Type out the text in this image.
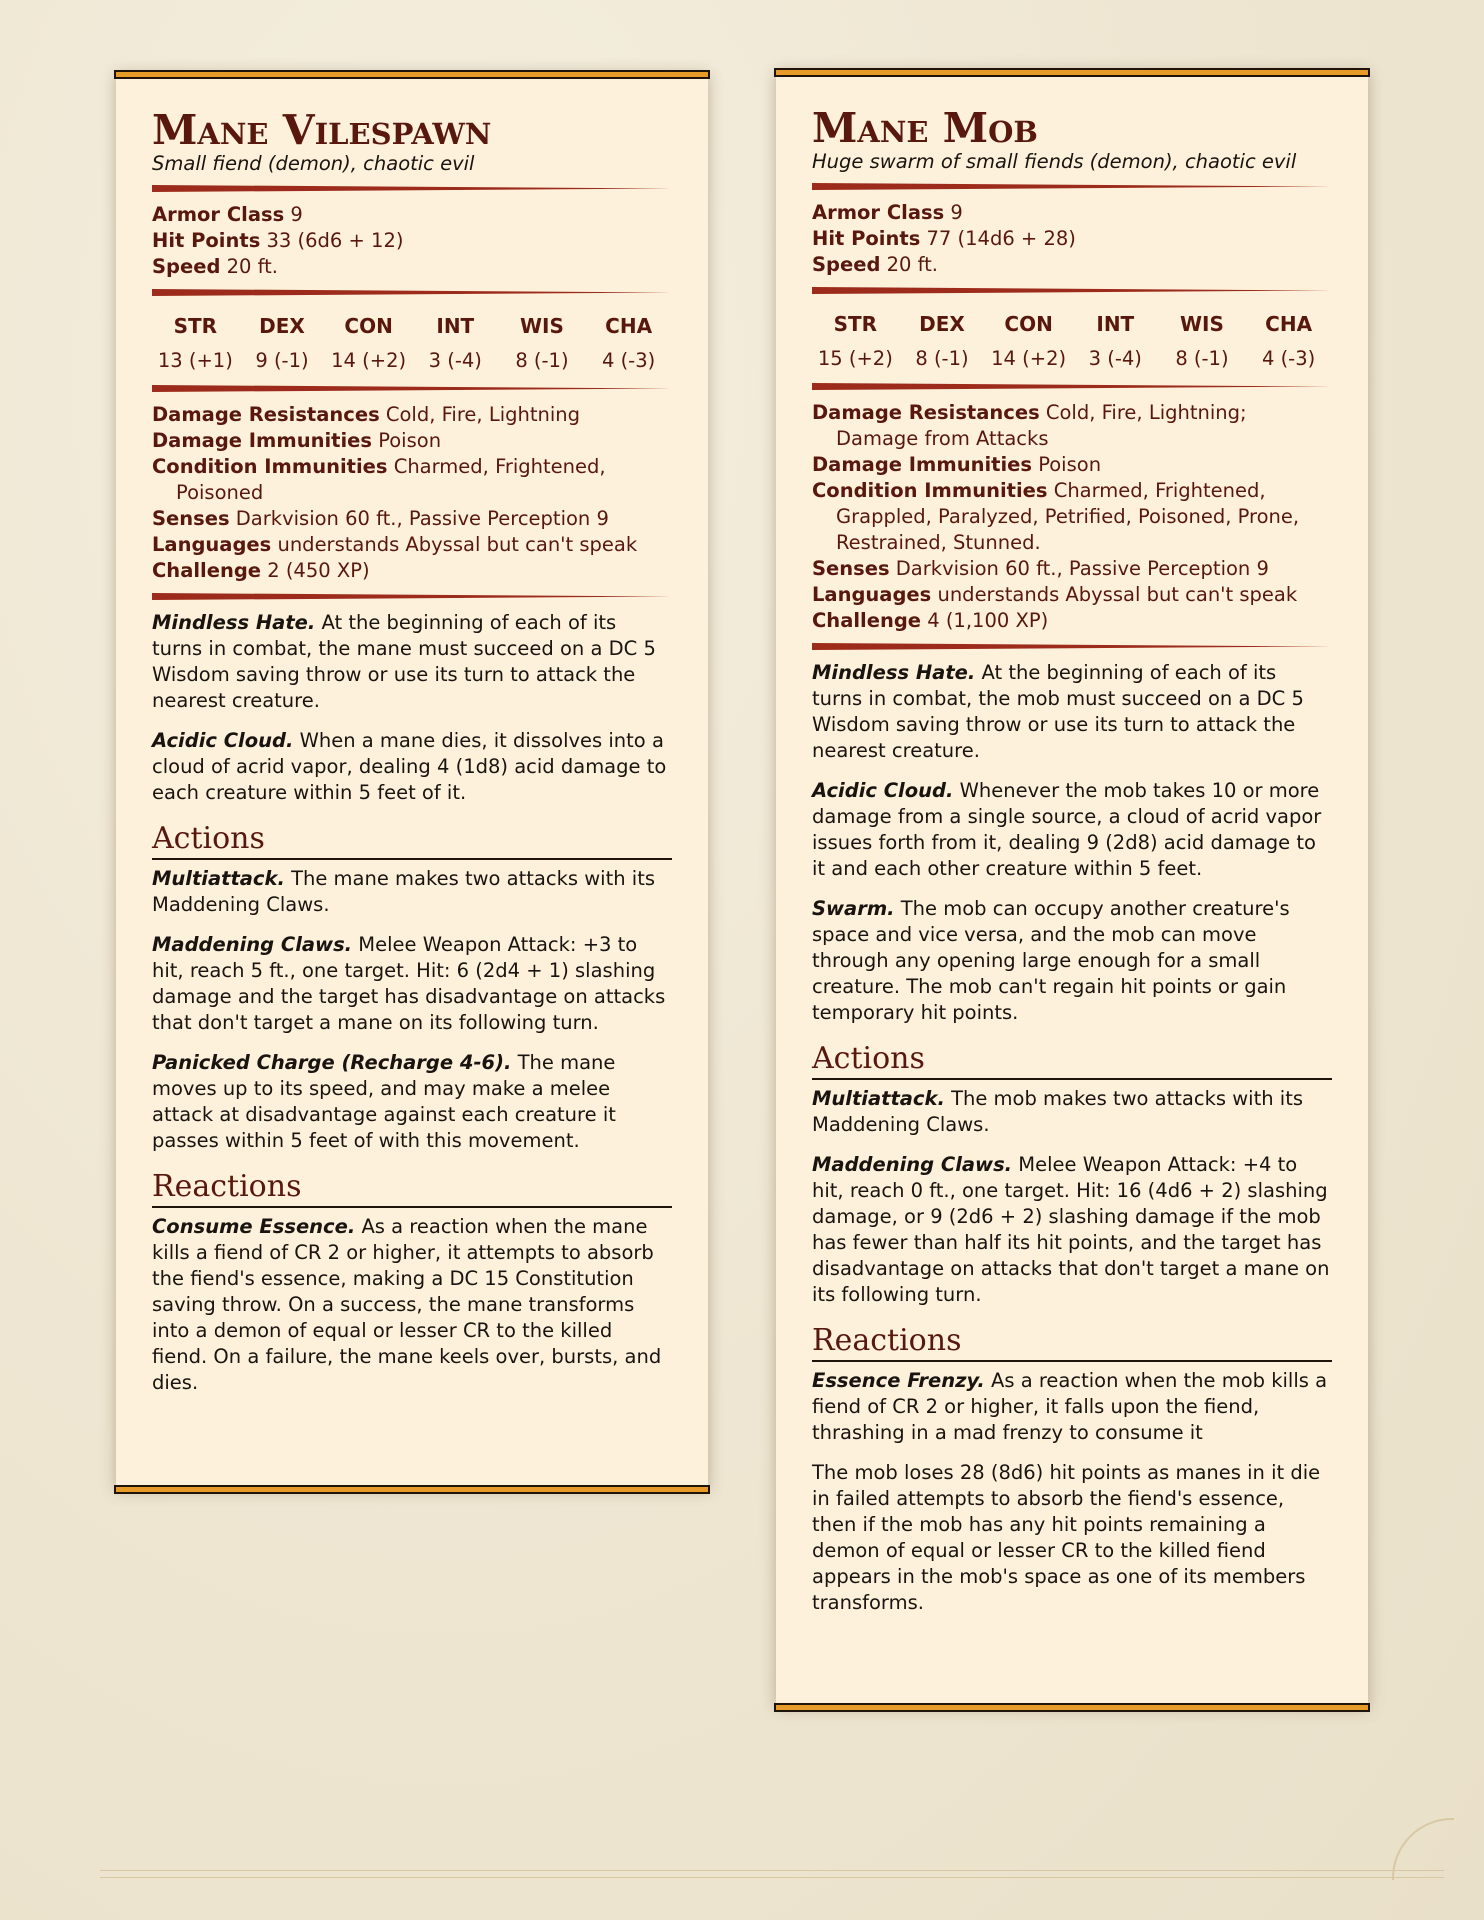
Mane Vilespawn
Small fiend (demon), chaotic evil
Armor Class 9
Hit Points 33 (6d6 + 12)
Speed 20 ft.
STR
13 (+1)
DEX
9 (-1)
CON
14 (+2)
INT
3 (-4)
WIS
8 (-1)
CHA
4 (-3)
Damage Resistances Cold, Fire, Lightning
Damage Immunities Poison
Condition Immunities Charmed, Frightened, Poisoned
Senses Darkvision 60 ft., Passive Perception 9
Languages understands Abyssal but can't speak
Challenge 2 (450 XP)

Mindless Hate. At the beginning of each of its turns in combat, the mane must succeed on a DC 5 Wisdom saving throw or use its turn to attack the nearest creature.

Acidic Cloud. When a mane dies, it dissolves into a cloud of acrid vapor, dealing 4 (1d8) acid damage to each creature within 5 feet of it.

Actions

Multiattack. The mane makes two attacks with its Maddening Claws.

Maddening Claws. Melee Weapon Attack: +3 to hit, reach 5 ft., one target. Hit: 6 (2d4 + 1) slashing damage and the target has disadvantage on attacks that don't target a mane on its following turn.

Panicked Charge (Recharge 4-6). The mane moves up to its speed, and may make a melee attack at disadvantage against each creature it passes within 5 feet of with this movement.

Reactions

Consume Essence. As a reaction when the mane kills a fiend of CR 2 or higher, it attempts to absorb the fiend's essence, making a DC 15 Constitution saving throw. On a success, the mane transforms into a demon of equal or lesser CR to the killed fiend. On a failure, the mane keels over, bursts, and dies.

Mane Mob
Huge swarm of small fiends (demon), chaotic evil
Armor Class 9
Hit Points 77 (14d6 + 28)
Speed 20 ft.
STR
15 (+2)
DEX
8 (-1)
CON
14 (+2)
INT
3 (-4)
WIS
8 (-1)
CHA
4 (-3)
Damage Resistances Cold, Fire, Lightning; Damage from Attacks
Damage Immunities Poison
Condition Immunities Charmed, Frightened, Grappled, Paralyzed, Petrified, Poisoned, Prone, Restrained, Stunned.
Senses Darkvision 60 ft., Passive Perception 9
Languages understands Abyssal but can't speak
Challenge 4 (1,100 XP)

Mindless Hate. At the beginning of each of its turns in combat, the mob must succeed on a DC 5 Wisdom saving throw or use its turn to attack the nearest creature.

Acidic Cloud. Whenever the mob takes 10 or more damage from a single source, a cloud of acrid vapor issues forth from it, dealing 9 (2d8) acid damage to it and each other creature within 5 feet.

Swarm. The mob can occupy another creature's space and vice versa, and the mob can move through any opening large enough for a small creature. The mob can't regain hit points or gain temporary hit points.

Actions

Multiattack. The mob makes two attacks with its Maddening Claws.

Maddening Claws. Melee Weapon Attack: +4 to hit, reach 0 ft., one target. Hit: 16 (4d6 + 2) slashing damage, or 9 (2d6 + 2) slashing damage if the mob has fewer than half its hit points, and the target has disadvantage on attacks that don't target a mane on its following turn.

Reactions

Essence Frenzy. As a reaction when the mob kills a fiend of CR 2 or higher, it falls upon the fiend, thrashing in a mad frenzy to consume it

The mob loses 28 (8d6) hit points as manes in it die in failed attempts to absorb the fiend's essence, then if the mob has any hit points remaining a demon of equal or lesser CR to the killed fiend appears in the mob's space as one of its members transforms.
